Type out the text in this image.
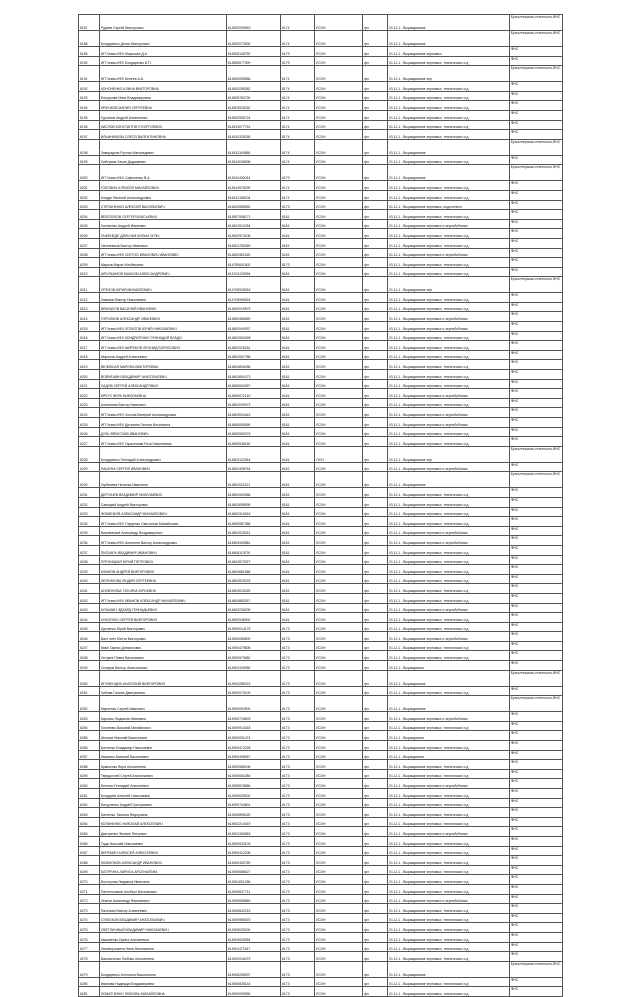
6187	Руднев Сергей Викторович	614502095949	6174	ЕСХН	фл	01.11.1 - Выращивание	Бухгалтерская отчетность,ФНС
6188	Бондаренко Денис Викторович	614502072630	6174	ЕСХН	фл	01.11.1 - Выращивание	Бухгалтерская отчетность,ФНС
6189	ИП Главы КФХ Марышев Д.А.	614505145792	6179	ЕСХН	фл	01.11.1 - Выращивание зерновых	ФНС
6190	ИП Главы КФХ Бондаренко И.П.	614505077309	6179	ЕСХН	фл	01.11.1 - Выращивание зерновых, технических и д	ФНС
6191	ИП Главы КФХ Белеев А.А.	614502595566	6174	ЕСХН	фл	01.11.1 - Выращивание зер	Бухгалтерская отчетность,ФНС
6192	КОНОНЕНКО АЛИНА ВИКТОРОВНА	614502095282	6174	ЕСХН	фл	01.11.1 - Выращивание зерновых, технических и д	ФНС
6193	Ельсукова Инна Владимировна	614505780726	6174	ЕСХН	фл	01.11.1 - Выращивание зерновых, технических и д	ФНС
6194	КРЮЧКОВ МАРИЯ СЕРГЕЕВНА	614503515332	6174	ЕСХН	фл	01.11.1 - Выращивание зерновых, технических и д	ФНС
6195	Гурьянов Андрей Алексеевич	614502959724	6174	ЕСХН	фл	01.11.1 - Выращивание зерновых, технических и д	ФНС
6196	КИСЛОВ КОНСТАНТИН ГЕОРГИЕВИЧ	614513077751	6174	ЕСХН	фл	01.11.1 - Выращивание зерновых, технических и д	ФНС
6197	ИЛЬИНИЧЕВА ОЛЕСЯ ВАЛЕНТИНОВНА	614510328155	6174	ЕСХН	фл	01.11.1 - Выращивание зерновых, технических и д	ФНС
6198	Заворадник Руслан Магомедович	614512349860	6174	ЕСХН	фл	01.11.1 - Выращивание	Бухгалтерская отчетность,ФНС
6199	Сейтумов Хасан Дадашевич	614514035608	6174	ЕСХН	фл	01.11.1 - Выращивание зерновых, технических и д	ФНС
6200	ИП Главы КФХ Сафоненко В.А.	614511400034	6179	ЕСХН	фл	01.11.1 - Выращивание	Бухгалтерская отчетность,ФНС
6201	ГОЛОВИН АЛЕКСЕЙ МИХАЙЛОВИЧ	614514978299	6174	ЕСХН	фл	01.11.1 - Выращивание зерновых, технических и д	ФНС
6202	Кладун Евгений Александрович	614512158204	6174	ЕСХН	фл	01.11.1 - Выращивание зерновых, технических и д	ФНС
6203	СТЕПАНЕНКО АЛЕКСЕЙ ВАСИЛЬЕВИЧ	616400556550	6173	ЕСХН	фл	01.11.1 - Выращивание зерновых, подсолнечн	ФНС
6204	ВЕЗОЗУБОВ СЕРГЕЙ ВЛАСЬЕВИЧ	614507958171	6181	ЕСХН	фл	01.11.1 - Выращивание зерновых, технических и д	ФНС
6205	Головенко Андрей Иванович	614501912254	6181	ЕСХН	фл	01.11.1 - Выращивание зерновых и зернобобовых	ФНС
6206	ГАЖЕНЕДЕ ДИЛЬГАМ БИЛЬМ ОГЛЫ	614502974108	6181	ЕСХН	фл	01.11.1 - Выращивание зерновых, технических и д	ФНС
6207	Овчинников Виктор Иванович	614504783069	6181	ЕСХН	фл	01.11.1 - Выращивание зерновых, технических и д	ФНС
6208	ИП Главы КФХ СИТУХО ИВАНОВИЧ ИВАНОВИЧ	614600351520	6181	ЕСХН	фл	01.11.1 - Выращивание зерновых и зернобобовых	ФНС
6209	Марков Марат Ильбекович	614750601502	6173	ЕСХН	фл	01.11.1 - Выращивание зерновых, технических и д	ФНС
6210	ШПУЛЬМНОВ МАКСИМ АЛЕКСАНДРОВИЧ	614702425994	6181	ЕСХН	фл	01.11.1 - Выращивание зерновых, технических и д	ФНС
6211	ОРЕХОВ ЮРИЙ МИХАЙЛОВИЧ	614705925916	6181	ЕСХН	фл	01.11.1 - Выращивание зер	Бухгалтерская отчетность,ФНС
6212	Ламакин Виктор Николаевич	614705969624	6181	ЕСХН	фл	01.11.1 - Выращивание зерновых, технических и д	ФНС
6213	ВЕКИАСОВ ВАСИЛИЙ ИВАНОВИЧ	614800019579	6181	ЕСХН	фл	01.11.1 - Выращивание зерновых, технических и д	ФНС
6214	ГОРОЛКОВ АЛЕКСАНДР ИВАНОВИЧ	614800486659	6181	ЕСХН	фл	01.11.1 - Выращивание зерновых и зернобобовых	ФНС
6215	ИП Главы КФХ ЛОПАТОВ ЮРИЙ НИКОЛАЕВИЧ	614802949937	6181	ЕСХН	фл	01.11.1 - Выращивание зерновых и зернобобовых	ФНС
6216	ИП Главы КФХ КОНДРАТЕНКО ГЕННАДИЙ ВЛАДИ	614802054928	6181	ЕСХН	фл	01.11.1 - Выращивание зерновых, технических и д	ФНС
6217	ИП Главы КФХ ШИРОКОВ ЛЕОНИД БОРИСОВИЧ	614802025181	6181	ЕСХН	фл	01.11.1 - Выращивание зерновых, технических и д	ФНС
6218	Миронов Андрей Алексеевич	614802067788	6181	ЕСХН	фл	01.11.1 - Выращивание зерновых, технических и д	ФНС
6219	ВЕЛИКСАЯ МАРИНА ВИКТОРОВНА	614804806258	6181	ЕСХН	фл	01.11.1 - Выращивание зерновых, технических и д	ФНС
6220	ВОЙНЕШИН ВЛАДИМИР АНАТОЛЬЕВИЧ	614802654273	6181	ЕСХН	фл	01.11.1 - Выращивание зерновых, технических и д	ФНС
6221	САДОВ СЕРГЕЙ АЛЕКСАНДРОВИЧ	614805062697	6181	ЕСХН	фл	01.11.1 - Выращивание зерновых, технических и д	ФНС
6222	БРЕУС ВЕРА НИКОЛАЕВНА	614805072140	6181	ЕСХН	фл	01.11.1 - Выращивание зерновых и зернобобовых	ФНС
6223	Алексеева Виктор Иванович	614802039073	6181	ЕСХН	фл	01.11.1 - Выращивание зерновых, технических и д	ФНС
6224	ИП Главы КФХ Хохлов Валерий Александрович	614803934442	6181	ЕСХН	фл	01.11.1 - Выращивание зерновых и зернобобовых	ФНС
6225	ИП Главы КФХ Дитковна Галина Ильинична	614805050690	6181	ЕСХН	фл	01.11.1 - Выращивание зерновых и зернобобовых	ФНС
6226	ДУЗЬ ВЯЧЕСЛАВ ИВАНОВИЧ	614800952076	6181	ЕСХН	фл	01.11.1 - Выращивание зерновых, технических и д	ФНС
6227	ИП Главы КФХ Гарасенова Роза Николаевна	614805936160	6181	ЕСХН	фл	01.11.1 - Выращивание зерновых, технических и д	ФНС
6228	Бондаренко Геннадий Александрович	614803122544	6181	ОСН	фл	01.11.1 - Выращивание зер	Бухгалтерская отчетность,ФНС
6229	ПАШУНА СЕРГЕЙ ИВАНОВИЧ	614802408764	6182	ЕСХН	фл	01.11.1 - Выращивание зерновых и зернобобовых	ФНС
6230	Горбачева Наталья Ивановна	614802021101	6181	ЕСХН	фл	01.11.1 - Выращивание	Бухгалтерская отчетность,ФНС
6231	ДЕРГАЧЕВ ВЛАДИМИР НИКОЛАЕВИЧ	614802063968	6181	ЕСХН	фл	01.11.1 - Выращивание зерновых, технических и д	ФНС
6232	Савицкий Андрей Викторович	614803098995	6181	ЕСХН	фл	01.11.1 - Выращивание зерновых, технических и д	ФНС
6233	ФОМЕНКОВ АЛЕКСАНДР МИХАЙЛОВИЧ	614802310616	6181	ЕСХН	фл	01.11.1 - Выращивание зерновых, технических и д	ФНС
6234	ИП Главы КФХ Глущенко Святослав Михайлович	614805987368	6181	ЕСХН	фл	01.11.1 - Выращивание зерновых, технических и д	ФНС
6235	Вишневский Александр Владимирович	614802025241	6181	ЕСХН	фл	01.11.1 - Выращивание зерновых и зернобобовых	ФНС
6236	ИП Главы КФХ Алексеев Виктор Александрович	614803349881	6181	ЕСХН	фл	01.11.1 - Выращивание зерновых и зернобобовых	ФНС
6237	ПИСКАРЬ ВЛАДИМИР ИВАНОВИЧ	614805113076	6181	ЕСХН	фл	01.11.1 - Выращивание зерновых, технических и д	ФНС
6238	ПЯТНИЦКАЯ ЮРИЙ ПЕТРОВИЧ	614804573327	6181	ЕСХН	фл	01.11.1 - Выращивание зерновых, технических и д	ФНС
6239	КЛИМОВ АНДРЕЙ ВИКТОРОВИЧ	614804881568	6181	ЕСХН	фл	01.11.1 - Выращивание зерновых, технических и д	ФНС
6240	ЛЕЛЕНКОВА ЛЮДИЯ СЕРГЕЕВНА	614802815378	6181	ЕСХН	фл	01.11.1 - Выращивание зерновых, технических и д	ФНС
6241	АГАФОНОВА ТАТЬЯНА ЮРЬЕВНА	614804018326	6181	ЕСХН	фл	01.11.1 - Выращивание зерновых, технических и д	ФНС
6242	ИП Главы КФХ ИВАНОВ АЛЕКСАНДР МИХАЙЛОВИЧ	614804883247	6181	ЕСХН	фл	01.11.1 - Выращивание зерновых, технических и д	ФНС
6243	КУЗЬМИН ЭДУАРД ГЕННАДЬЕВИЧ	614803236205	6181	ЕСХН	фл	01.11.1 - Выращивание зерновых и зернобобовых	ФНС
6244	КУКСЕНКО СЕРГЕЙ ВИКТОРОВИЧ	614800948902	6181	ЕСХН	фл	01.11.1 - Выращивание зерновых, технических и д	ФНС
6245	Цупченко Юрий Викторович	614900014175	6173	ЕСХН	фл	01.11.1 - Выращивание зерновых, технических и д	ФНС
6246	Вахт линг Мехти Викторович	614900056800	6173	ЕСХН	фл	01.11.1 - Выращивание зерновых и зернобобовых	ФНС
6247	Мике Гарник Длемолович	614900479608	6173	ЕСХН	фл	01.11.1 - Выращивание зерновых, технических и д	ФНС
6248	Остряга Павел Васильевич	614900579682	6173	ЕСХН	фл	01.11.1 - Выращивание зерновых, технических и д	ФНС
6249	Склиров Виктор Анатольевич	614902449050	6173	ЕСХН	фл	01.11.1 - Выращивани	ФНС
6250	ИГУМЕНЦЕВ АНАТОЛИЙ ВИКТОРОВИЧ	614900286022	6173	ЕСХН	фл	01.11.1 - Выращивание	Бухгалтерская отчетность,ФНС
6251	Чибова Галина Дмитриевна	614902070109	6173	ЕСХН	фл	01.11.1 - Выращивание зерновых, технических и д	ФНС
6252	Марченко Сергей Иванович	614900092500	6173	ЕСХН	фл	01.11.1 - Выращивание	Бухгалтерская отчетность,ФНС
6253	Кирилко Людмила Ивановна	614900715603	6173	ЕСХН	фл	01.11.1 - Выращивание зерновых и зернобобовых	ФНС
6254	Головнюк Василий Михайлович	614900914318	6173	ЕСХН	фл	01.11.1 - Выращивание зерновых, технических и д	ФНС
6255	Шляхов Николай Васильевич	614900031474	6173	ЕСХН	фл	01.11.1 - Выращивани	ФНС
6256	Бастенко Владимир Николаевич	614900472328	6173	ЕСХН	фл	01.11.1 - Выращивание зерновых, технических и д	ФНС
6257	Кашевич Василий Васильевич	614900498967	6173	ЕСХН	фл	01.11.1 - Выращивани	ФНС
6258	Кравченко Вера Алексеевна	614900585106	6173	ЕСХН	фл	01.11.1 - Выращивание зерновых, технических и д	ФНС
6259	Твердохлеб Сергей Анатольевич	614900654284	6173	ЕСХН	фл	01.11.1 - Выращивание зерновых, технических и д	ФНС
6260	Бетенко Геннадий Алексеевич	614905578866	6173	ЕСХН	фл	01.11.1 - Выращивание зерновых и зернобобовых	ФНС
6261	Бондарев Алексей Николаевич	614900625002	6173	ЕСХН	фл	01.11.1 - Выращивание зерновых, технических и д	ФНС
6262	Батурченко Андрей Григорьевич	614900744801	6173	ЕСХН	фл	01.11.1 - Выращивание зерновых, технических и д	ФНС
6263	Бахтенко Татьяна Федоровна	614900898420	6173	ЕСХН	фл	01.11.1 - Выращивание зерновых, технических и д	ФНС
6264	КОЛИНЕНКО НИКОЛАЙ АЛЕКСЕЕВИЧ	614902214019	6173	ЕСХН	фл	01.11.1 - Выращивание зерновых, технических и д	ФНС
6265	Дмитренко Филипп Петрович	614901306563	6173	ЕСХН	фл	01.11.1 - Выращивание зерновых и зернобобовых	ФНС
6266	Тадж Николай Николаевич	614900534103	6173	ЕСХН	фл	01.11.1 - Выращивание зерновых, технических и д	ФНС
6267	ВЕРЕМИН АЛЕКСЕЙ АЛЕКСЕЕВИЧ	614900412208	6173	ЕСХН	фл	01.11.1 - Выращивание зерновых, технических и д	ФНС
6268	ЖОВНОКОВ АЛЕКСАНДР ИВАНОВИЧ	614900452769	6173	ЕСХН	фл	01.11.1 - Выращивание зерновых, технических и д	ФНС
6269	БАТУРИНА ЛАРИСА АРСЕНЬЕВНА	614900686627	6173	ЕСХН	фл	01.11.1 - Выращивание зерновых, технических и д	ФНС
6270	Восторова Людмила Ивановна	614901051256	6173	ЕСХН	фл	01.11.1 - Выращивание зерновых, технических и д	ФНС
6271	Пастельников Альберт Витальевич	614900827711	6173	ЕСХН	фл	01.11.1 - Выращивание зерновых, технических и д	ФНС
6272	Зекели Александр Николаевич	614900658869	6173	ЕСХН	фл	01.11.1 - Выращивание зерновых и зернобобовых	ФНС
6273	Пасечкин Виктор Алексеевич	614900842215	6173	ЕСХН	фл	01.11.1 - Выращивание зерновых, технических и д	ФНС
6274	СУЗБЕКОВ ВЛАДИМИР АНАТОЛЬЕВИЧ	614900985875	6173	ЕСХН	фл	01.11.1 - Выращивание зерновых, технических и д	ФНС
6275	СВЕТЛИЧНЫЙ ВЛАДИМИР НИКОЛАЕВИЧ	614905025200	6173	ЕСХН	фл	01.11.1 - Выращивание зерновых, технических и д	ФНС
6276	Кашевенко Ирина Алексеевна	614904525954	6173	ЕСХН	фл	01.11.1 - Выращивание зерновых, технических и д	ФНС
6277	Заповорачкина Нина Николаевна	614901471167	6173	ЕСХН	фл	01.11.1 - Выращивание зерновых, технических и д	ФНС
6278	Васильченко Любовь Алексеевна	614902016079	6173	ЕСХН	фл	01.11.1 - Выращивание зерновых, технических и д	ФНС
6279	Бондаренко Антонина Васильевна	614905208007	6173	ЕСХН	фл	01.11.1 - Выращивание	Бухгалтерская отчетность,ФНС
6280	Иванова Надежда Владимировна	614900825144	6173	ЕСХН	фл	01.11.1 - Выращивание зерновых, технических и д	ФНС
6281	ЗОМАТЧЕНКО ЛЮБОВЬ МИХАЙЛОВНА	614900099830	6173	ЕСХН	фл	01.11.1 - Выращивание зерновых, технических и д	ФНС
